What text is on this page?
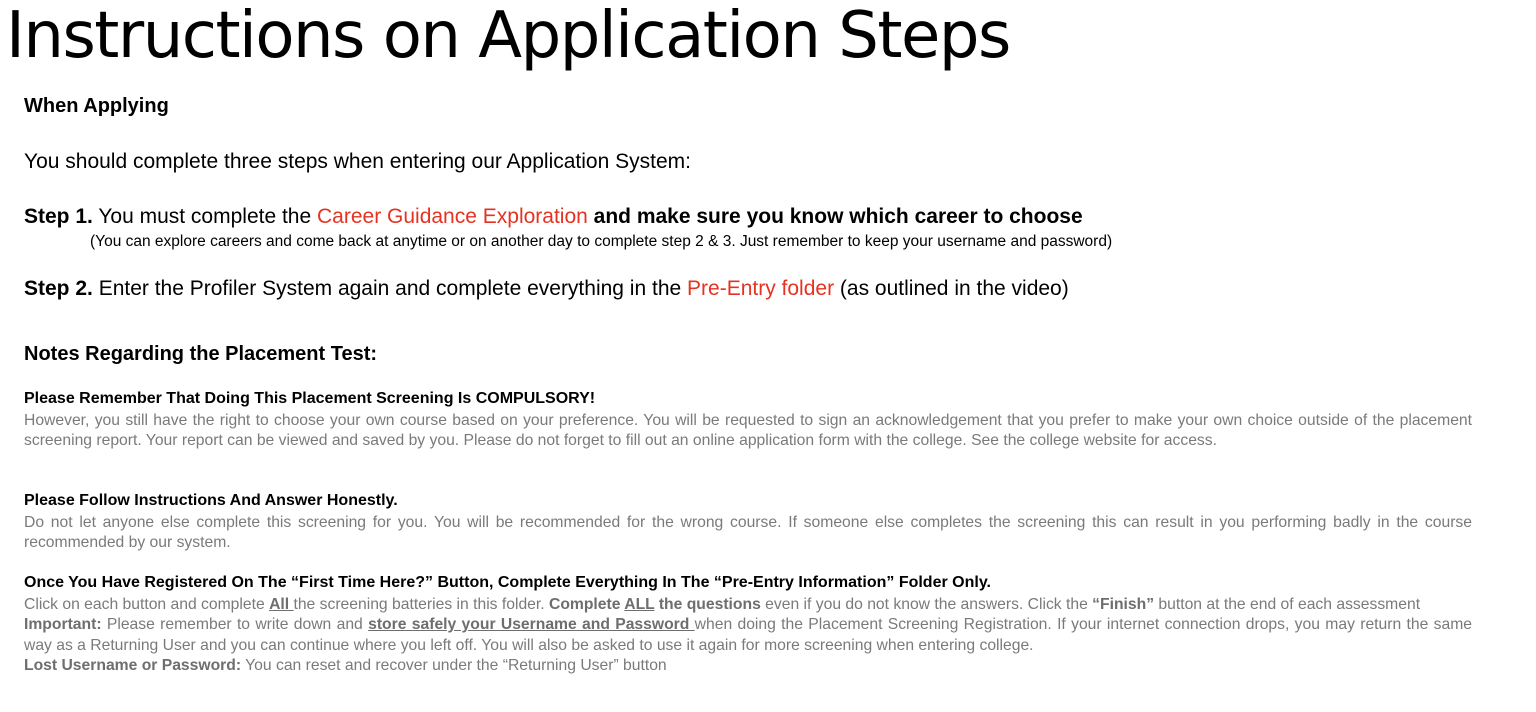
Instructions on Application Steps
When Applying
You should complete three steps when entering our Application System:
Step 1. You must complete the Career Guidance Exploration and make sure you know which career to choose
(You can explore careers and come back at anytime or on another day to complete step 2 & 3. Just remember to keep your username and password)
Step 2. Enter the Profiler System again and complete everything in the Pre-Entry folder (as outlined in the video)
Notes Regarding the Placement Test:
Please Remember That Doing This Placement Screening Is COMPULSORY!
However, you still have the right to choose your own course based on your preference. You will be requested to sign an acknowledgement that you prefer to make your own choice outside of the placement screening report. Your report can be viewed and saved by you. Please do not forget to fill out an online application form with the college. See the college website for access.
Please Follow Instructions And Answer Honestly.
Do not let anyone else complete this screening for you. You will be recommended for the wrong course. If someone else completes the screening this can result in you performing badly in the course recommended by our system.
Once You Have Registered On The “First Time Here?” Button, Complete Everything In The “Pre-Entry Information” Folder Only.
Click on each button and complete All the screening batteries in this folder. Complete ALL the questions even if you do not know the answers. Click the “Finish” button at the end of each assessment
Important: Please remember to write down and store safely your Username and Password when doing the Placement Screening Registration. If your internet connection drops, you may return the same way as a Returning User and you can continue where you left off. You will also be asked to use it again for more screening when entering college.
Lost Username or Password: You can reset and recover under the “Returning User” button
